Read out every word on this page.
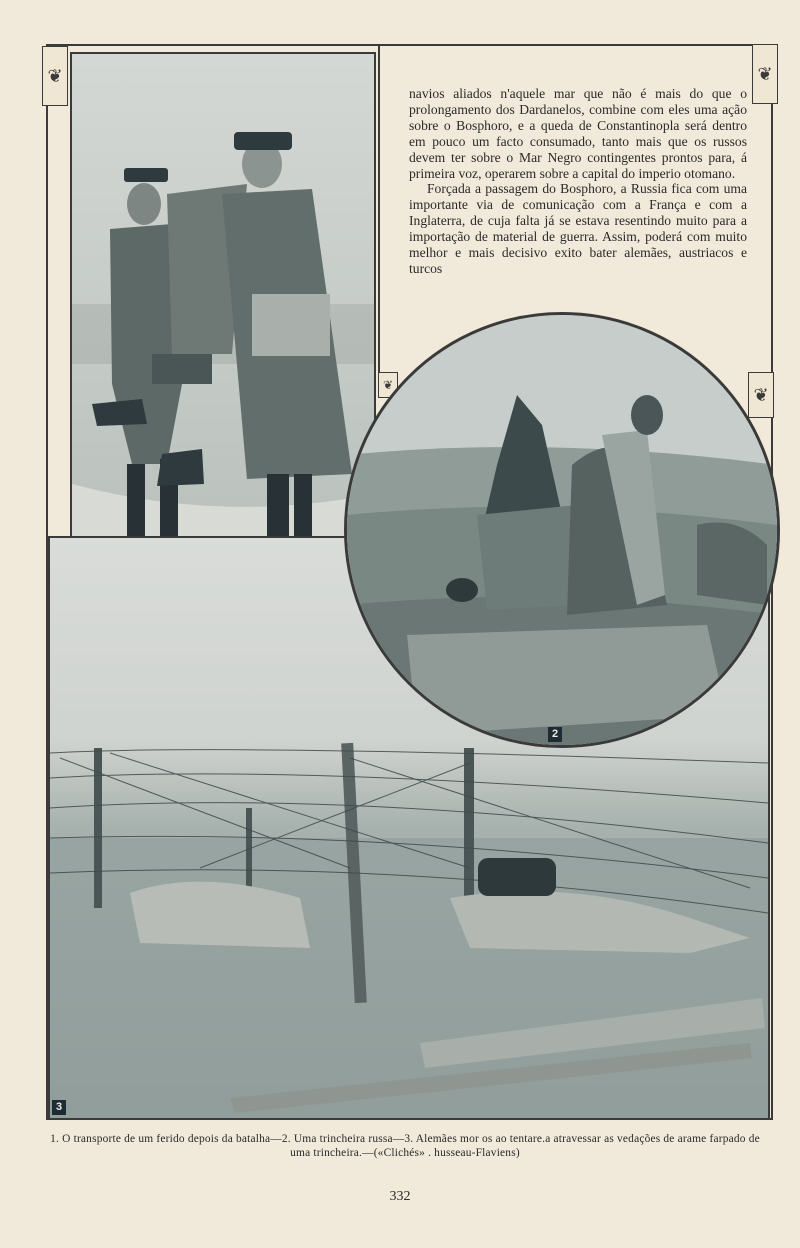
❦	❦
❦
❦

navios aliados n'aquele mar que não é mais do que o prolongamento dos Dardanelos, combine com eles uma ação sobre o Bosphoro, e a queda de Constantinopla será dentro em pouco um facto consumado, tanto mais que os russos devem ter sobre o Mar Negro contingentes prontos para, á primeira voz, operarem sobre a capital do imperio otomano.

Forçada a passagem do Bosphoro, a Russia fica com uma importante via de comunicação com a França e com a Inglaterra, de cuja falta já se estava resentindo muito para a importação de material de guerra. Assim, poderá com muito melhor e mais decisivo exito bater alemães, austriacos e turcos

3
2
1. O transporte de um ferido depois da batalha—2. Uma trincheira russa—3. Alemães mor os ao tentare.a atravessar as vedações de arame farpado de uma trincheira.—(«Clichés» . husseau-Flaviens)
332
